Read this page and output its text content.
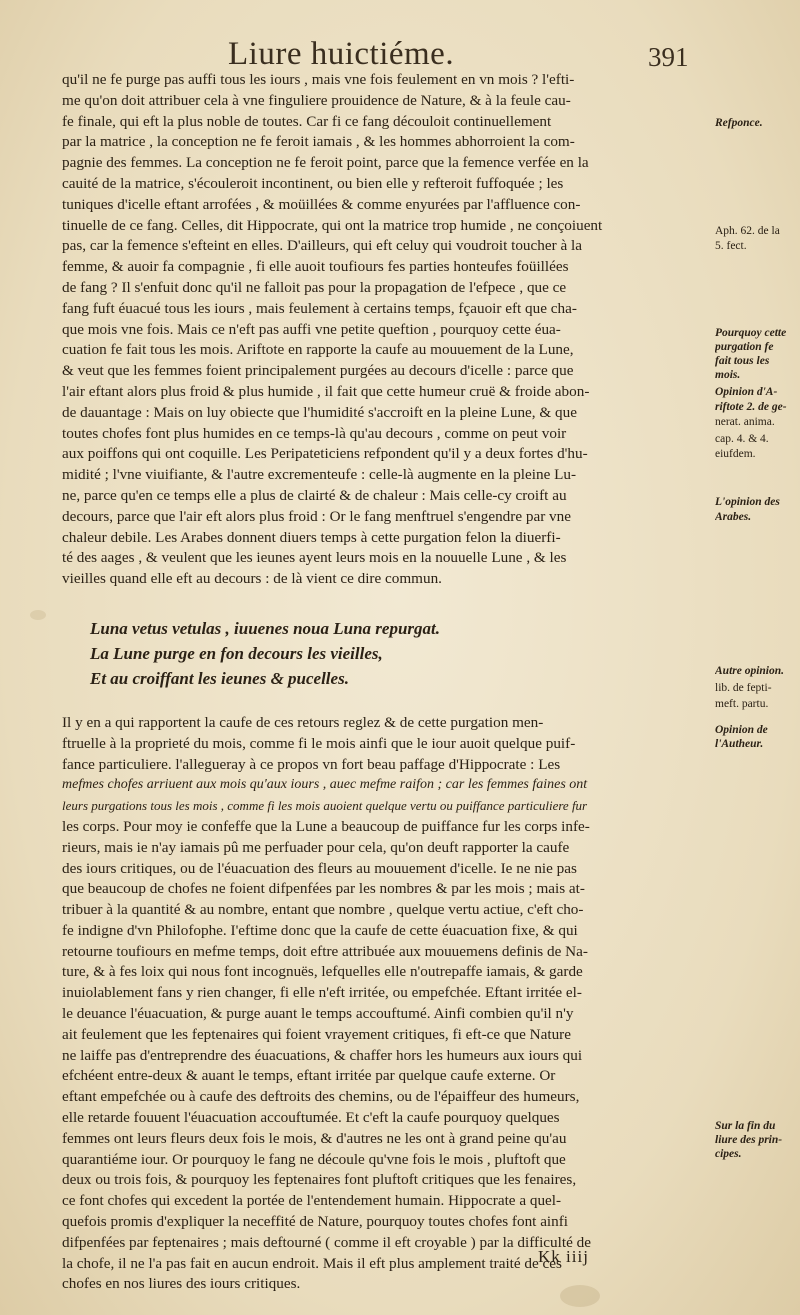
Liure huictiéme.	391
qu'il ne fe purge pas auffi tous les iours , mais vne fois feulement en vn mois ? l'efti-
me qu'on doit attribuer cela à vne finguliere prouidence de Nature, & à la feule cau-
fe finale, qui eft la plus noble de toutes. Car fi ce fang découloit continuellement
par la matrice , la conception ne fe feroit iamais , & les hommes abhorroient la com-
pagnie des femmes. La conception ne fe feroit point, parce que la femence verfée en la
cauité de la matrice, s'écouleroit incontinent, ou bien elle y refteroit fuffoquée ; les
tuniques d'icelle eftant arrofées , & moüillées & comme enyurées par l'affluence con-
tinuelle de ce fang. Celles, dit Hippocrate, qui ont la matrice trop humide , ne conçoiuent
pas, car la femence s'efteint en elles. D'ailleurs, qui eft celuy qui voudroit toucher à la
femme, & auoir fa compagnie , fi elle auoit toufiours fes parties honteufes foüillées
de fang ? Il s'enfuit donc qu'il ne falloit pas pour la propagation de l'efpece , que ce
fang fuft éuacué tous les iours , mais feulement à certains temps, fçauoir eft que cha-
que mois vne fois. Mais ce n'eft pas auffi vne petite queftion , pourquoy cette éua-
cuation fe fait tous les mois. Ariftote en rapporte la caufe au mouuement de la Lune,
& veut que les femmes foient principalement purgées au decours d'icelle : parce que
l'air eftant alors plus froid & plus humide , il fait que cette humeur cruë & froide abon-
de dauantage : Mais on luy obiecte que l'humidité s'accroift en la pleine Lune, & que
toutes chofes font plus humides en ce temps-là qu'au decours , comme on peut voir
aux poiffons qui ont coquille. Les Peripateticiens refpondent qu'il y a deux fortes d'hu-
midité ; l'vne viuifiante, & l'autre excrementeufe : celle-là augmente en la pleine Lu-
ne, parce qu'en ce temps elle a plus de clairté & de chaleur : Mais celle-cy croift au
decours, parce que l'air eft alors plus froid : Or le fang menftruel s'engendre par vne
chaleur debile. Les Arabes donnent diuers temps à cette purgation felon la diuerfi-
té des aages , & veulent que les ieunes ayent leurs mois en la nouuelle Lune , & les
vieilles quand elle eft au decours : de là vient ce dire commun.
Luna vetus vetulas , iuuenes noua Luna repurgat.
La Lune purge en fon decours les vieilles,
Et au croiffant les ieunes & pucelles.
Il y en a qui rapportent la caufe de ces retours reglez & de cette purgation men-
ftruelle à la proprieté du mois, comme fi le mois ainfi que le iour auoit quelque puif-
fance particuliere. l'allegueray à ce propos vn fort beau paffage d'Hippocrate : Les
mefmes chofes arriuent aux mois qu'aux iours , auec mefme raifon ; car les femmes faines ont
leurs purgations tous les mois , comme fi les mois auoient quelque vertu ou puiffance particuliere fur
les corps. Pour moy ie confeffe que la Lune a beaucoup de puiffance fur les corps infe-
rieurs, mais ie n'ay iamais pû me perfuader pour cela, qu'on deuft rapporter la caufe
des iours critiques, ou de l'éuacuation des fleurs au mouuement d'icelle. Ie ne nie pas
que beaucoup de chofes ne foient difpenfées par les nombres & par les mois ; mais at-
tribuer à la quantité & au nombre, entant que nombre , quelque vertu actiue, c'eft cho-
fe indigne d'vn Philofophe. I'eftime donc que la caufe de cette éuacuation fixe, & qui
retourne toufiours en mefme temps, doit eftre attribuée aux mouuemens definis de Na-
ture, & à fes loix qui nous font incognuës, lefquelles elle n'outrepaffe iamais, & garde
inuiolablement fans y rien changer, fi elle n'eft irritée, ou empefchée. Eftant irritée el-
le deuance l'éuacuation, & purge auant le temps accouftumé. Ainfi combien qu'il n'y
ait feulement que les feptenaires qui foient vrayement critiques, fi eft-ce que Nature
ne laiffe pas d'entreprendre des éuacuations, & chaffer hors les humeurs aux iours qui
efchéent entre-deux & auant le temps, eftant irritée par quelque caufe externe. Or
eftant empefchée ou à caufe des deftroits des chemins, ou de l'épaiffeur des humeurs,
elle retarde fouuent l'éuacuation accouftumée. Et c'eft la caufe pourquoy quelques
femmes ont leurs fleurs deux fois le mois, & d'autres ne les ont à grand peine qu'au
quarantiéme iour. Or pourquoy le fang ne découle qu'vne fois le mois , pluftoft que
deux ou trois fois, & pourquoy les feptenaires font pluftoft critiques que les fenaires,
ce font chofes qui excedent la portée de l'entendement humain. Hippocrate a quel-
quefois promis d'expliquer la neceffité de Nature, pourquoy toutes chofes font ainfi
difpenfées par feptenaires ; mais deftourné ( comme il eft croyable ) par la difficulté de
la chofe, il ne l'a pas fait en aucun endroit. Mais il eft plus amplement traité de ces
chofes en nos liures des iours critiques.
Refponce.
Aph. 62. de la
5. fect.
Pourquoy cette
purgation fe
fait tous les
mois.
Opinion d'A-
riftote 2. de ge-
nerat. anima.
cap. 4. & 4.
eiufdem.
L'opinion des
Arabes.
Autre opinion.
lib. de fepti-
meft. partu.
Opinion de
l'Autheur.
Sur la fin du
liure des prin-
cipes.
Kk iiij
